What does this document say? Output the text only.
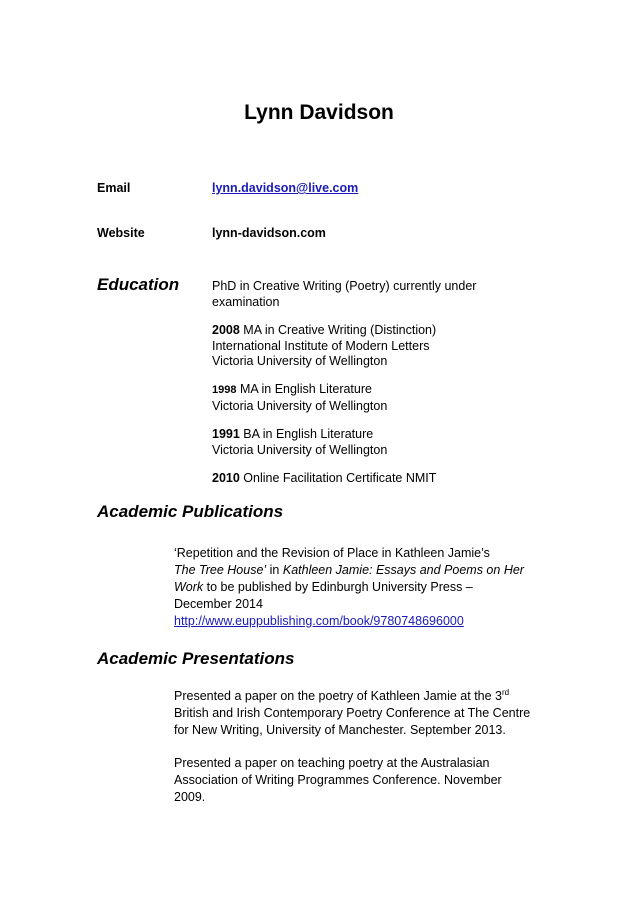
Lynn Davidson
Email	lynn.davidson@live.com
Website	lynn-davidson.com
Education	PhD in Creative Writing (Poetry) currently under
examination
2008 MA in Creative Writing (Distinction)
International Institute of Modern Letters
Victoria University of Wellington
1998 MA in English Literature
Victoria University of Wellington
1991 BA in English Literature
Victoria University of Wellington
2010 Online Facilitation Certificate NMIT
Academic Publications
‘Repetition and the Revision of Place in Kathleen Jamie’s
The Tree House’ in Kathleen Jamie: Essays and Poems on Her
Work to be published by Edinburgh University Press –
December 2014
http://www.euppublishing.com/book/9780748696000
Academic Presentations
Presented a paper on the poetry of Kathleen Jamie at the 3rd
British and Irish Contemporary Poetry Conference at The Centre
for New Writing, University of Manchester. September 2013.
Presented a paper on teaching poetry at the Australasian
Association of Writing Programmes Conference. November
2009.
